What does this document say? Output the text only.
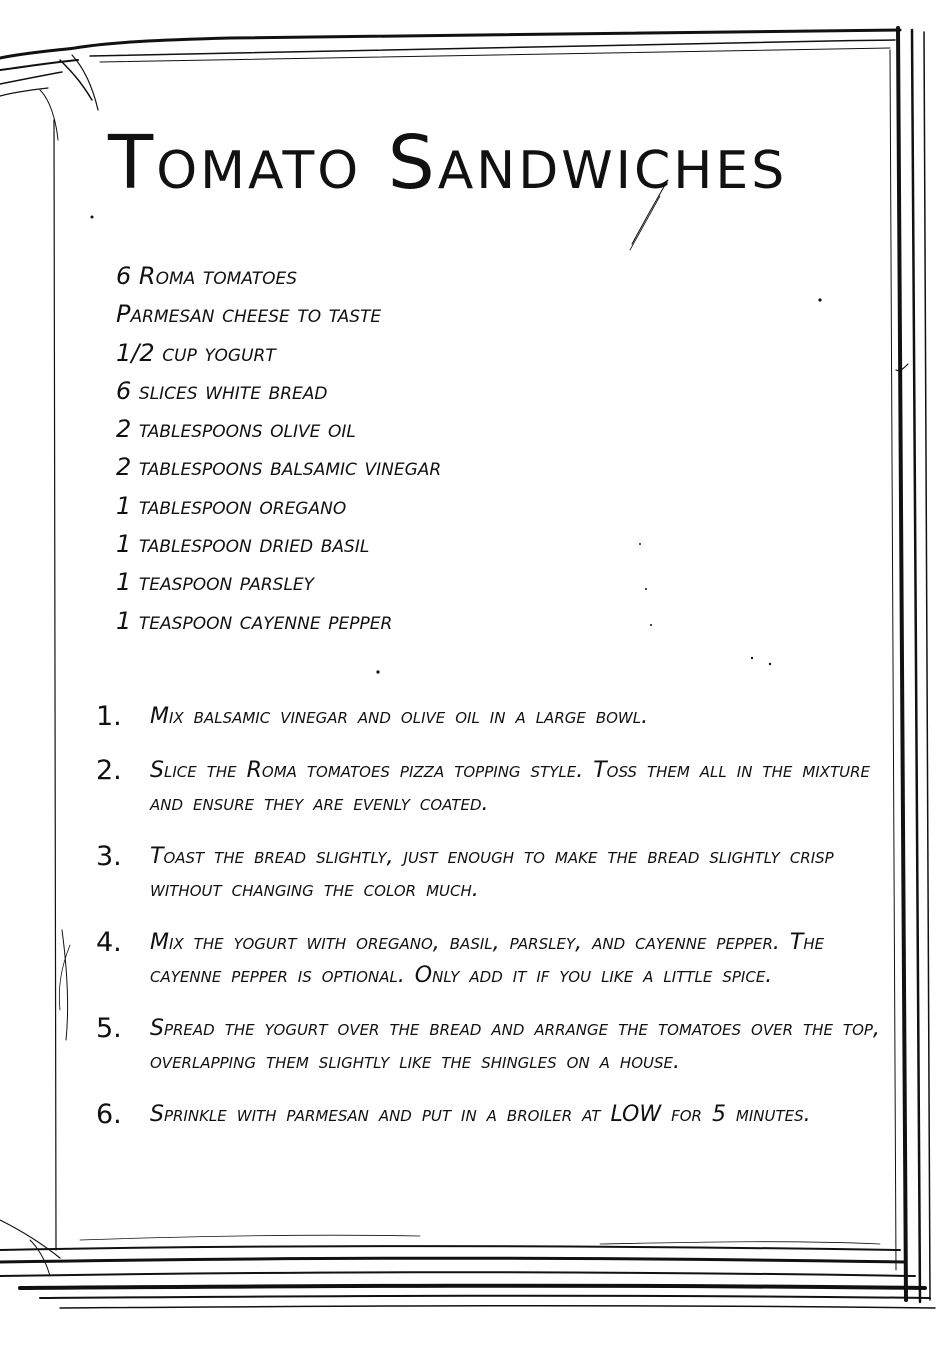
Tomato Sandwiches
6 Roma tomatoes
Parmesan cheese to taste
1/2 cup yogurt
6 slices white bread
2 tablespoons olive oil
2 tablespoons balsamic vinegar
1 tablespoon oregano
1 tablespoon dried basil
1 teaspoon parsley
1 teaspoon cayenne pepper
1.	Mix balsamic vinegar and olive oil in a large bowl.
2.	Slice the Roma tomatoes pizza topping style. Toss them all in the mixture and ensure they are evenly coated.
3.	Toast the bread slightly, just enough to make the bread slightly crisp without changing the color much.
4.	Mix the yogurt with oregano, basil, parsley, and cayenne pepper. The cayenne pepper is optional. Only add it if you like a little spice.
5.	Spread the yogurt over the bread and arrange the tomatoes over the top, overlapping them slightly like the shingles on a house.
6.	Sprinkle with parmesan and put in a broiler at LOW for 5 minutes.
